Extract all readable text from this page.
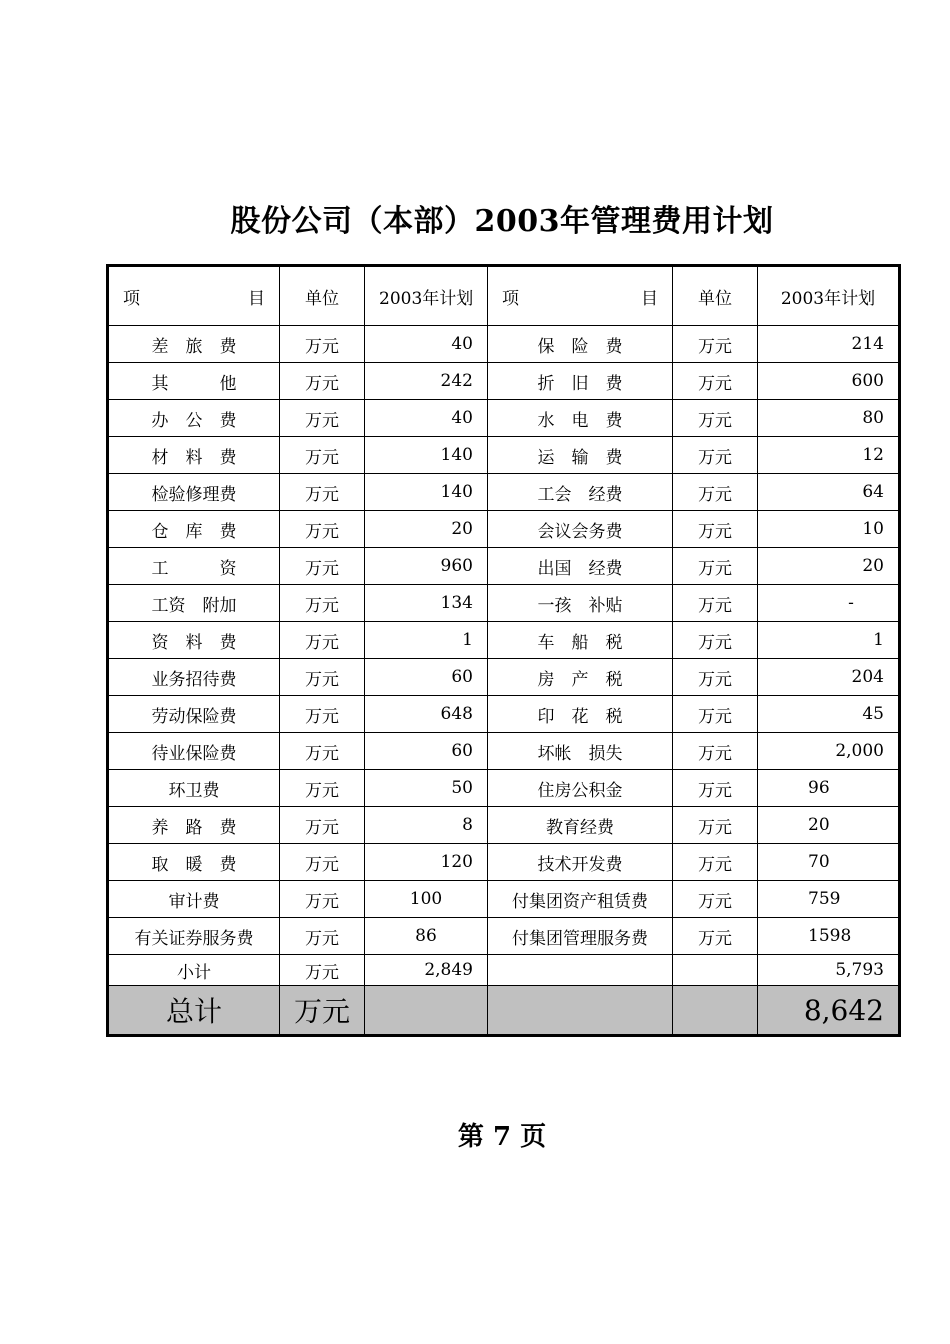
股份公司（本部）2003年管理费用计划
项 目	单位	2003年计划	项 目	单位	2003年计划
差　旅　费	万元	40	保　险　费	万元	214
其　　　他	万元	242	折　旧　费	万元	600
办　公　费	万元	40	水　电　费	万元	80
材　料　费	万元	140	运　输　费	万元	12
检验修理费	万元	140	工会　经费	万元	64
仓　库　费	万元	20	会议会务费	万元	10
工　　　资	万元	960	出国　经费	万元	20
工资　附加	万元	134	一孩　补贴	万元	-
资　料　费	万元	1	车　船　税	万元	1
业务招待费	万元	60	房　产　税	万元	204
劳动保险费	万元	648	印　花　税	万元	45
待业保险费	万元	60	坏帐　损失	万元	2,000
环卫费	万元	50	住房公积金	万元	96
养　路　费	万元	8	教育经费	万元	20
取　暖　费	万元	120	技术开发费	万元	70
审计费	万元	100	付集团资产租赁费	万元	759
有关证券服务费	万元	86	付集团管理服务费	万元	1598
小计	万元	2,849			5,793
总计	万元				8,642
第 7 页
